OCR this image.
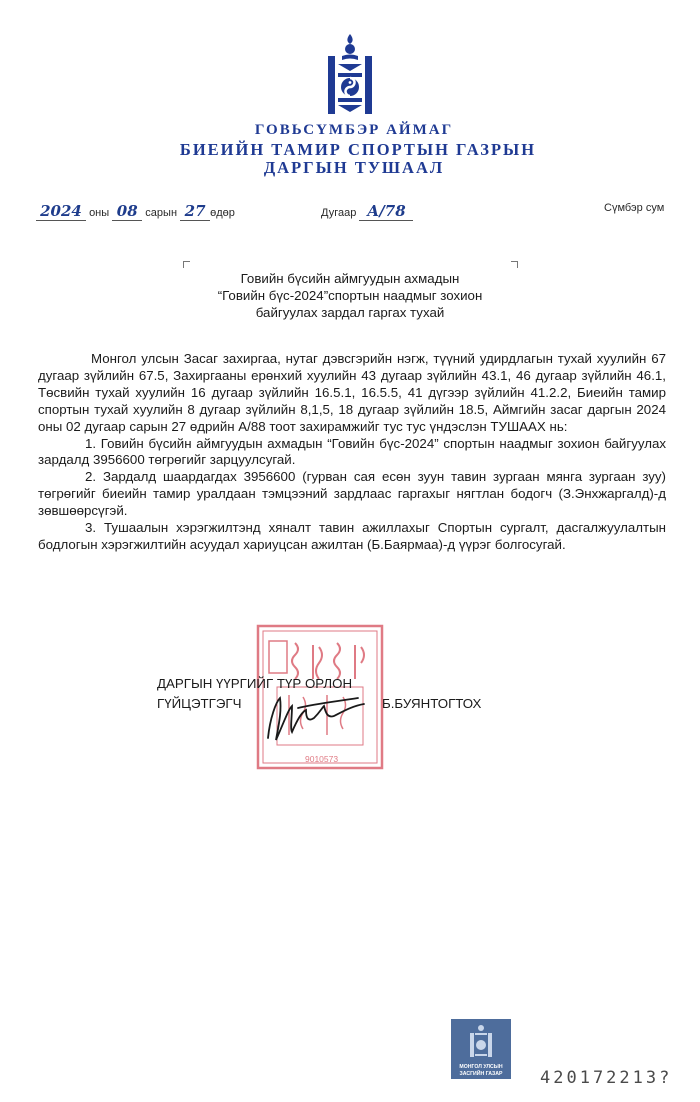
ГОВЬСҮМБЭР АЙМАГ
БИЕИЙН ТАМИР СПОРТЫН ГАЗРЫН
ДАРГЫН ТУШААЛ
2024 оны 08 сарын 27 өдөр	Дугаар А/78	Сүмбэр сум
Говийн бүсийн аймгуудын ахмадын
“Говийн бүс-2024”спортын наадмыг зохион
байгуулах зардал гаргах тухай

Монгол улсын Засаг захиргаа, нутаг дэвсгэрийн нэгж, түүний удирдлагын тухай хуулийн 67 дугаар зүйлийн 67.5, Захиргааны ерөнхий хуулийн 43 дугаар зүйлийн 43.1, 46 дугаар зүйлийн 46.1, Төсвийн тухай хуулийн 16 дугаар зүйлийн 16.5.1, 16.5.5, 41 дүгээр зүйлийн 41.2.2, Биеийн тамир спортын тухай хуулийн 8 дугаар зүйлийн 8,1,5, 18 дугаар зүйлийн 18.5, Аймгийн засаг даргын 2024 оны 02 дугаар сарын 27 өдрийн А/88 тоот захирамжийг тус тус үндэслэн ТУШААХ нь:

1. Говийн бүсийн аймгуудын ахмадын “Говийн бүс-2024” спортын наадмыг зохион байгуулах зардалд 3956600 төгрөгийг зарцуулсугай.

2. Зардалд шаардагдах 3956600 (гурван сая есөн зуун тавин зургаан мянга зургаан зуу) төгрөгийг биеийн тамир уралдаан тэмцээний зардлаас гаргахыг нягтлан бодогч (З.Энхжаргалд)-д зөвшөөрсүгэй.

3. Тушаалын хэрэгжилтэнд хяналт тавин ажиллахыг Спортын сургалт, дасгалжуулалтын бодлогын хэрэгжилтийн асуудал хариуцсан ажилтан (Б.Баярмаа)-д үүрэг болгосугай.

9010573
ДАРГЫН ҮҮРГИЙГ ТҮР ОРЛОН
ГҮЙЦЭТГЭГЧ	Б.БУЯНТОГТОХ
МОНГОЛ УЛСЫН
ЗАСГИЙН ГАЗАР 420172213?
